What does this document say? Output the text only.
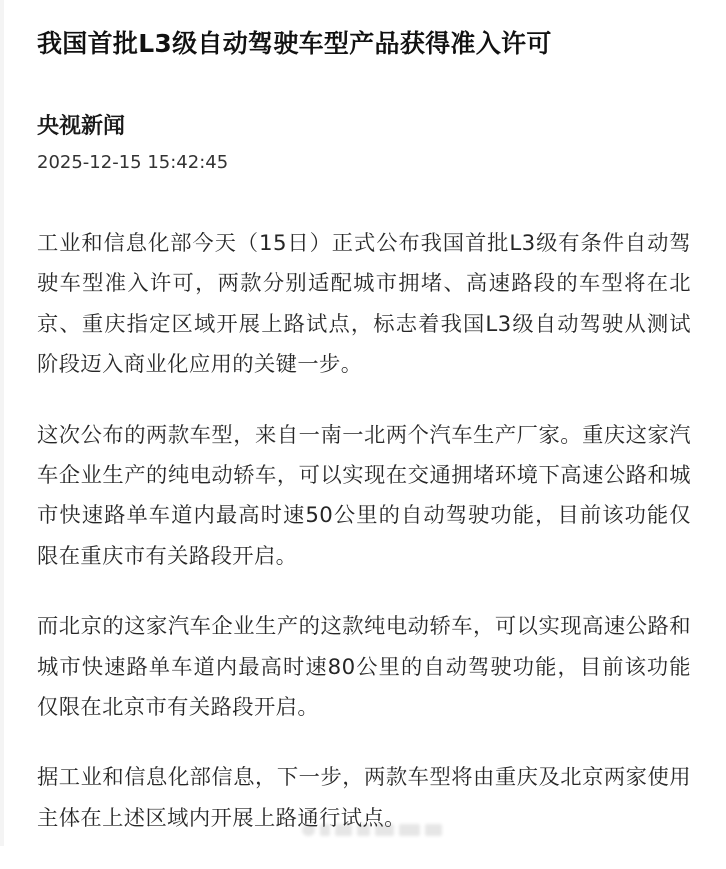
我国首批L3级自动驾驶车型产品获得准入许可
央视新闻
2025-12-15 15:42:45

工业和信息化部今天（15日）正式公布我国首批L3级有条件自动驾驶车型准入许可，两款分别适配城市拥堵、高速路段的车型将在北京、重庆指定区域开展上路试点，标志着我国L3级自动驾驶从测试阶段迈入商业化应用的关键一步。

这次公布的两款车型，来自一南一北两个汽车生产厂家。重庆这家汽车企业生产的纯电动轿车，可以实现在交通拥堵环境下高速公路和城市快速路单车道内最高时速50公里的自动驾驶功能，目前该功能仅限在重庆市有关路段开启。

而北京的这家汽车企业生产的这款纯电动轿车，可以实现高速公路和城市快速路单车道内最高时速80公里的自动驾驶功能，目前该功能仅限在北京市有关路段开启。

据工业和信息化部信息，下一步，两款车型将由重庆及北京两家使用主体在上述区域内开展上路通行试点。
